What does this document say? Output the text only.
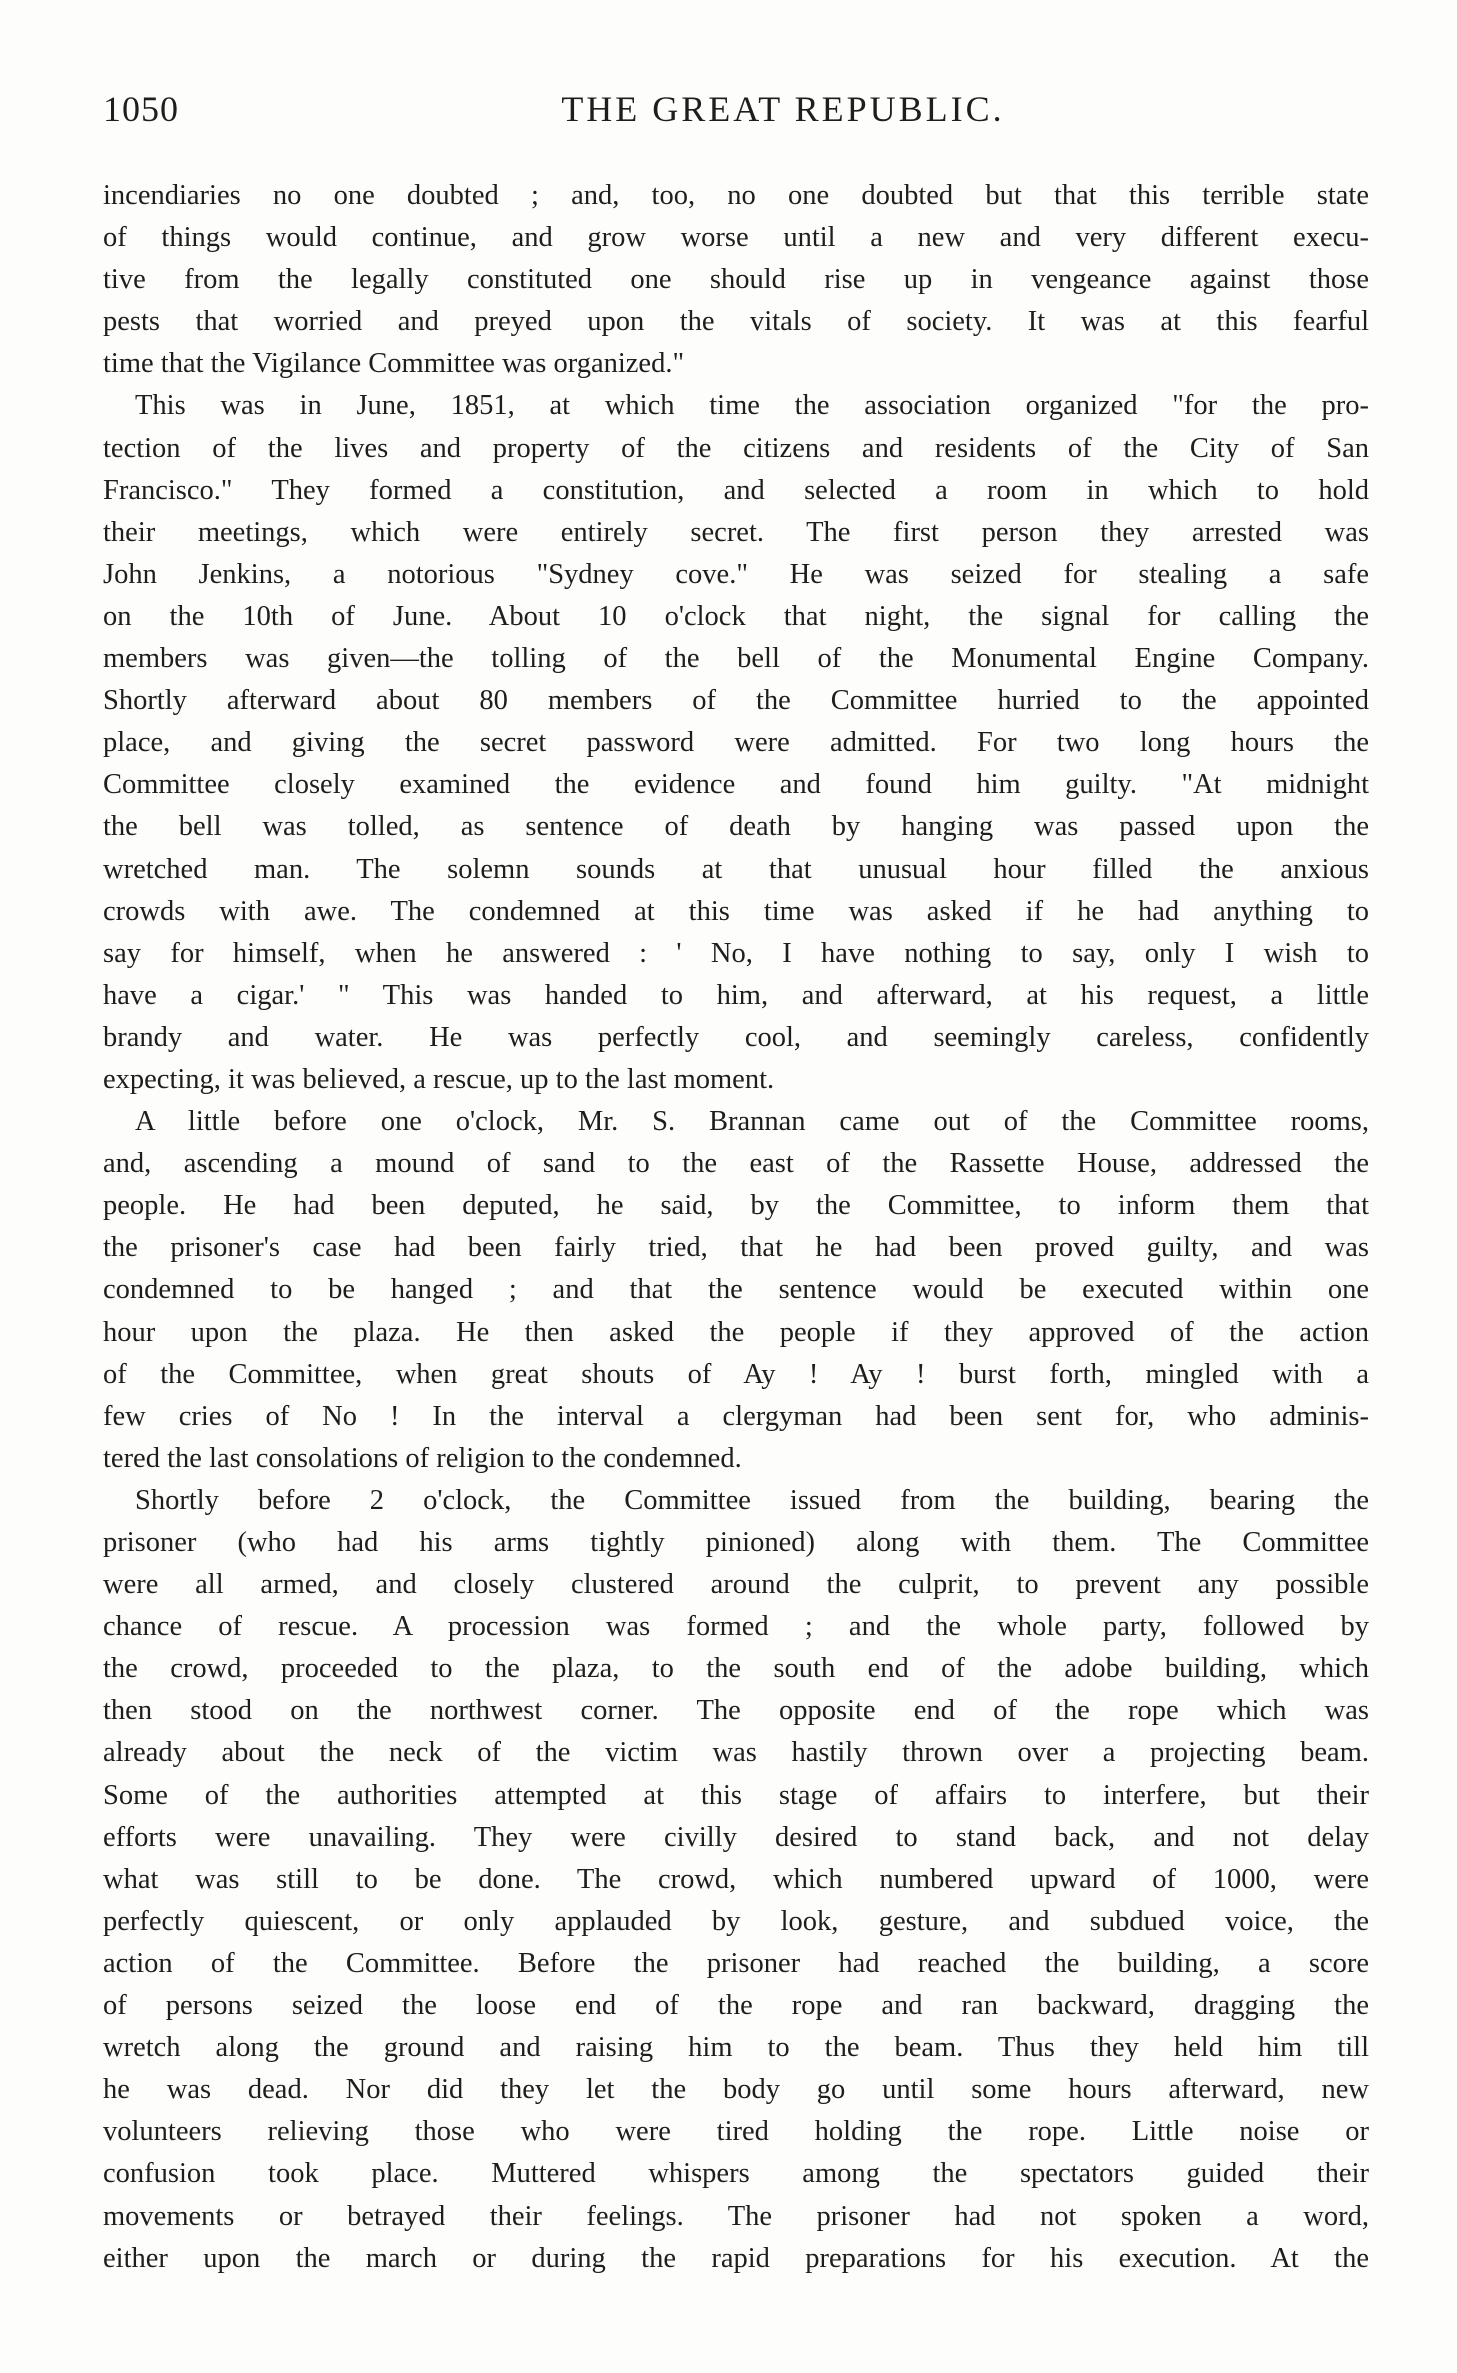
1050	THE GREAT REPUBLIC.
incendiaries no one doubted ; and, too, no one doubted but that this terrible state
of things would continue, and grow worse until a new and very different execu-
tive from the legally constituted one should rise up in vengeance against those
pests that worried and preyed upon the vitals of society. It was at this fearful
time that the Vigilance Committee was organized."
This was in June, 1851, at which time the association organized "for the pro-
tection of the lives and property of the citizens and residents of the City of San
Francisco." They formed a constitution, and selected a room in which to hold
their meetings, which were entirely secret. The first person they arrested was
John Jenkins, a notorious "Sydney cove." He was seized for stealing a safe
on the 10th of June. About 10 o'clock that night, the signal for calling the
members was given—the tolling of the bell of the Monumental Engine Company.
Shortly afterward about 80 members of the Committee hurried to the appointed
place, and giving the secret password were admitted. For two long hours the
Committee closely examined the evidence and found him guilty. "At midnight
the bell was tolled, as sentence of death by hanging was passed upon the
wretched man. The solemn sounds at that unusual hour filled the anxious
crowds with awe. The condemned at this time was asked if he had anything to
say for himself, when he answered : ' No, I have nothing to say, only I wish to
have a cigar.' " This was handed to him, and afterward, at his request, a little
brandy and water. He was perfectly cool, and seemingly careless, confidently
expecting, it was believed, a rescue, up to the last moment.
A little before one o'clock, Mr. S. Brannan came out of the Committee rooms,
and, ascending a mound of sand to the east of the Rassette House, addressed the
people. He had been deputed, he said, by the Committee, to inform them that
the prisoner's case had been fairly tried, that he had been proved guilty, and was
condemned to be hanged ; and that the sentence would be executed within one
hour upon the plaza. He then asked the people if they approved of the action
of the Committee, when great shouts of Ay ! Ay ! burst forth, mingled with a
few cries of No ! In the interval a clergyman had been sent for, who adminis-
tered the last consolations of religion to the condemned.
Shortly before 2 o'clock, the Committee issued from the building, bearing the
prisoner (who had his arms tightly pinioned) along with them. The Committee
were all armed, and closely clustered around the culprit, to prevent any possible
chance of rescue. A procession was formed ; and the whole party, followed by
the crowd, proceeded to the plaza, to the south end of the adobe building, which
then stood on the northwest corner. The opposite end of the rope which was
already about the neck of the victim was hastily thrown over a projecting beam.
Some of the authorities attempted at this stage of affairs to interfere, but their
efforts were unavailing. They were civilly desired to stand back, and not delay
what was still to be done. The crowd, which numbered upward of 1000, were
perfectly quiescent, or only applauded by look, gesture, and subdued voice, the
action of the Committee. Before the prisoner had reached the building, a score
of persons seized the loose end of the rope and ran backward, dragging the
wretch along the ground and raising him to the beam. Thus they held him till
he was dead. Nor did they let the body go until some hours afterward, new
volunteers relieving those who were tired holding the rope. Little noise or
confusion took place. Muttered whispers among the spectators guided their
movements or betrayed their feelings. The prisoner had not spoken a word,
either upon the march or during the rapid preparations for his execution. At the
